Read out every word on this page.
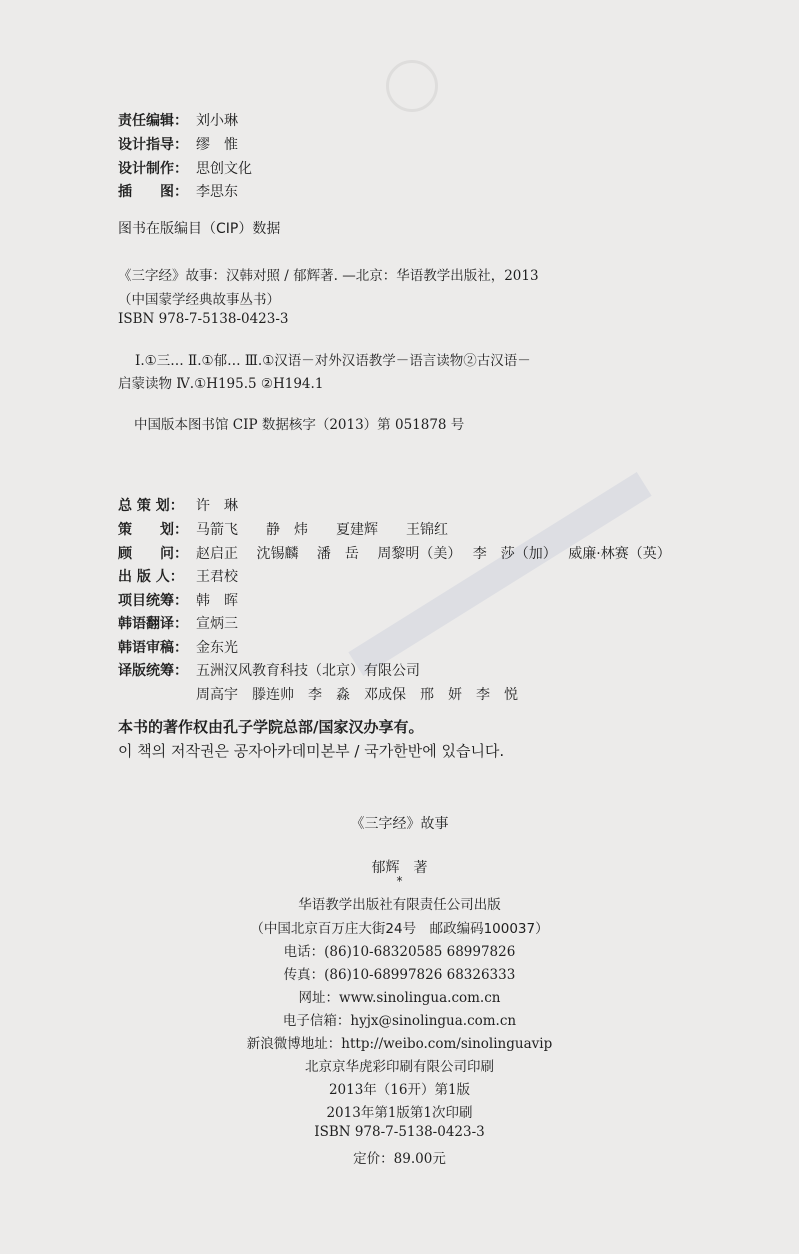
责任编辑： 刘小琳
设计指导： 缪　惟
设计制作： 思创文化
插　　图： 李思东
图书在版编目（CIP）数据
《三字经》故事：汉韩对照 / 郁辉著. —北京：华语教学出版社，2013
（中国蒙学经典故事丛书）
ISBN 978-7-5138-0423-3
Ⅰ.①三… Ⅱ.①郁… Ⅲ.①汉语－对外汉语教学－语言读物②古汉语－
启蒙读物 Ⅳ.①H195.5 ②H194.1
中国版本图书馆 CIP 数据核字（2013）第 051878 号
总 策 划： 许　琳
策　　划： 马箭飞　　静　炜　　夏建辉　　王锦红
顾　　问： 赵启正　 沈锡麟　 潘　岳　 周黎明（美）　 李　莎（加）　 威廉·林赛（英）
出 版 人： 王君校
项目统筹： 韩　晖
韩语翻译： 宣炳三
韩语审稿： 金东光
译版统筹： 五洲汉风教育科技（北京）有限公司
周高宇　滕连帅　李　淼　邓成保　邢　妍　李　悦
本书的著作权由孔子学院总部/国家汉办享有。
이 책의 저작권은 공자아카데미본부 / 국가한반에 있습니다.
《三字经》故事
郁辉　著
*
华语教学出版社有限责任公司出版
（中国北京百万庄大街24号　邮政编码100037）
电话：(86)10-68320585 68997826
传真：(86)10-68997826 68326333
网址：www.sinolingua.com.cn
电子信箱：hyjx@sinolingua.com.cn
新浪微博地址：http://weibo.com/sinolinguavip
北京京华虎彩印刷有限公司印刷
2013年（16开）第1版
2013年第1版第1次印刷
ISBN 978-7-5138-0423-3
定价：89.00元
